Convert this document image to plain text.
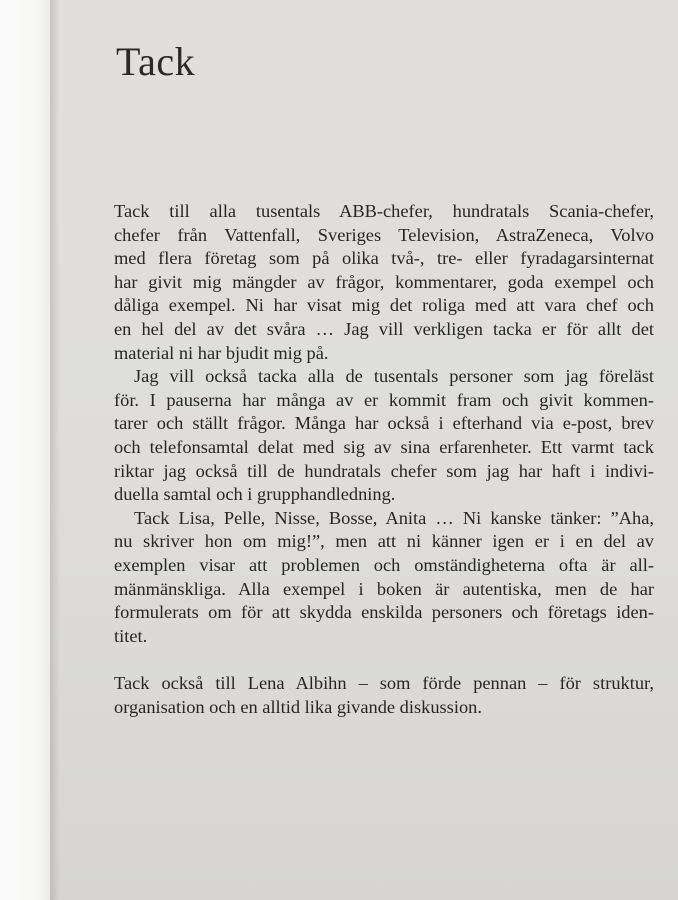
Tack
Tack till alla tusentals ABB-chefer, hundratals Scania-chefer,
chefer från Vattenfall, Sveriges Television, AstraZeneca, Volvo
med flera företag som på olika två-, tre- eller fyradagarsinternat
har givit mig mängder av frågor, kommentarer, goda exempel och
dåliga exempel. Ni har visat mig det roliga med att vara chef och
en hel del av det svåra … Jag vill verkligen tacka er för allt det
material ni har bjudit mig på.
Jag vill också tacka alla de tusentals personer som jag föreläst
för. I pauserna har många av er kommit fram och givit kommen-
tarer och ställt frågor. Många har också i efterhand via e-post, brev
och telefonsamtal delat med sig av sina erfarenheter. Ett varmt tack
riktar jag också till de hundratals chefer som jag har haft i indivi-
duella samtal och i grupphandledning.
Tack Lisa, Pelle, Nisse, Bosse, Anita … Ni kanske tänker: ”Aha,
nu skriver hon om mig!”, men att ni känner igen er i en del av
exemplen visar att problemen och omständigheterna ofta är all-
mänmänskliga. Alla exempel i boken är autentiska, men de har
formulerats om för att skydda enskilda personers och företags iden-
titet.
Tack också till Lena Albihn – som förde pennan – för struktur,
organisation och en alltid lika givande diskussion.
